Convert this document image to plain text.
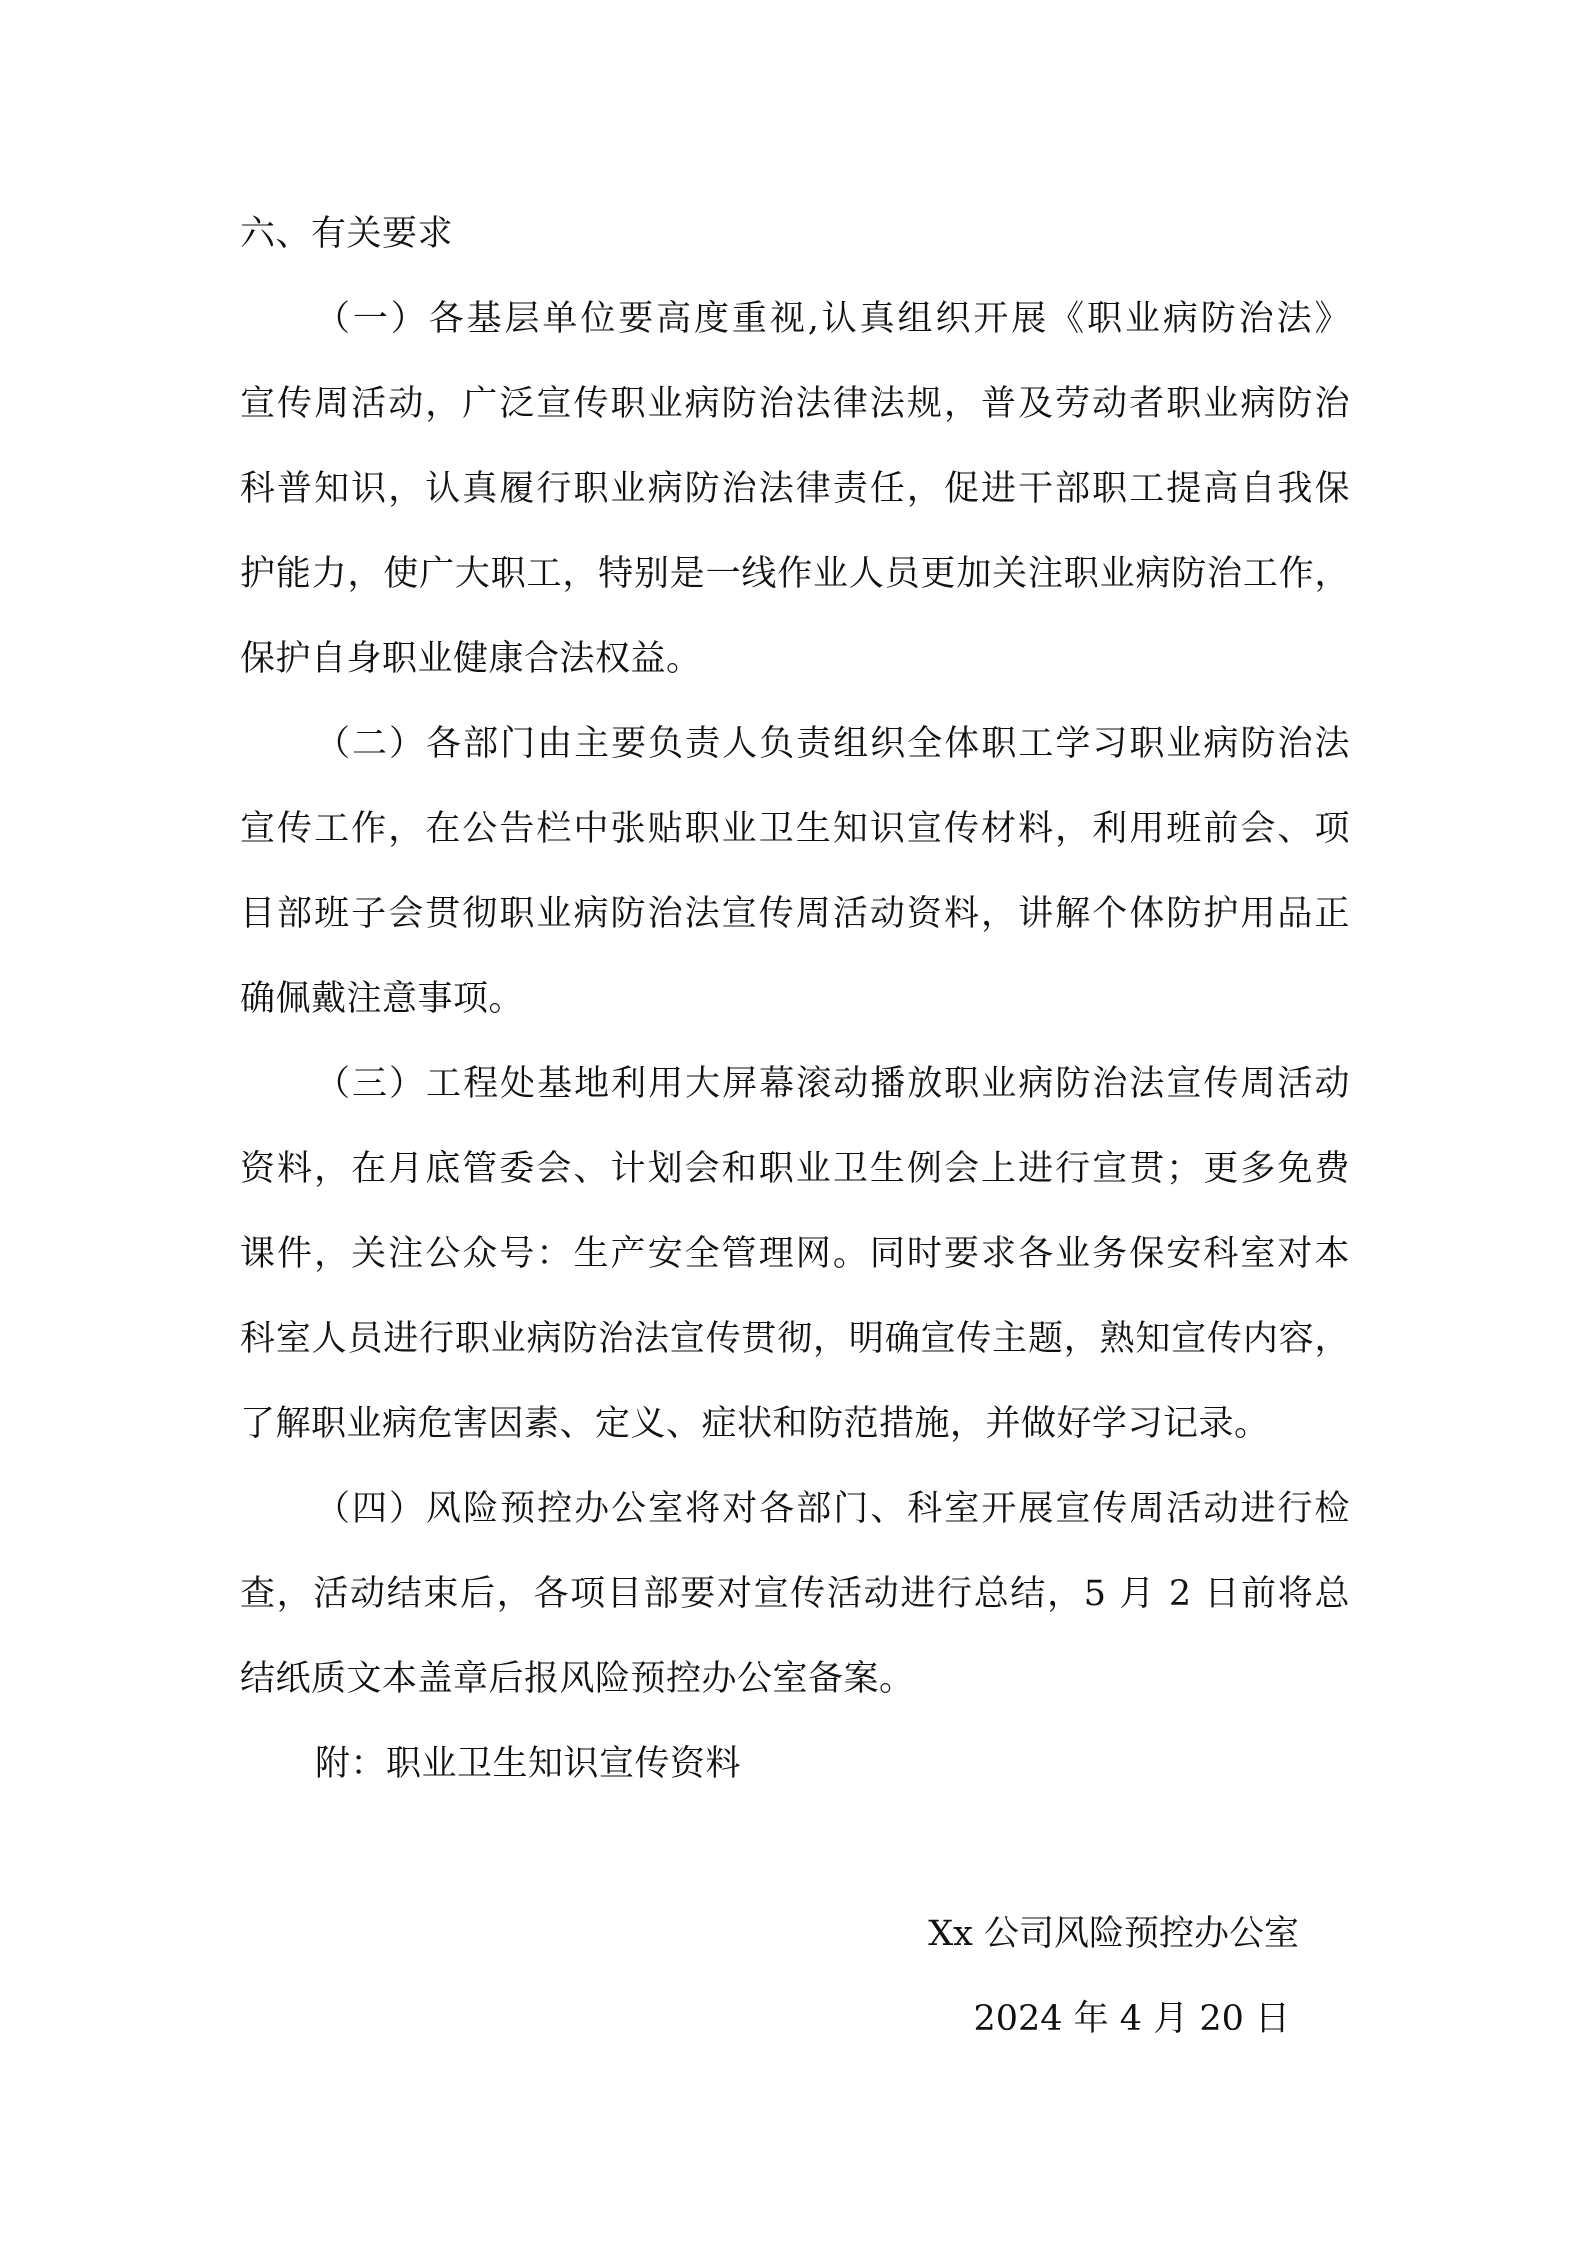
六、有关要求
（一）各基层单位要高度重视,认真组织开展《职业病防治法》
宣传周活动，广泛宣传职业病防治法律法规，普及劳动者职业病防治
科普知识，认真履行职业病防治法律责任，促进干部职工提高自我保
护能力，使广大职工，特别是一线作业人员更加关注职业病防治工作，
保护自身职业健康合法权益。
（二）各部门由主要负责人负责组织全体职工学习职业病防治法
宣传工作，在公告栏中张贴职业卫生知识宣传材料，利用班前会、项
目部班子会贯彻职业病防治法宣传周活动资料，讲解个体防护用品正
确佩戴注意事项。
（三）工程处基地利用大屏幕滚动播放职业病防治法宣传周活动
资料，在月底管委会、计划会和职业卫生例会上进行宣贯；更多免费
课件，关注公众号：生产安全管理网。同时要求各业务保安科室对本
科室人员进行职业病防治法宣传贯彻，明确宣传主题，熟知宣传内容，
了解职业病危害因素、定义、症状和防范措施，并做好学习记录。
（四）风险预控办公室将对各部门、科室开展宣传周活动进行检
查，活动结束后，各项目部要对宣传活动进行总结，5 月 2 日前将总
结纸质文本盖章后报风险预控办公室备案。
附：职业卫生知识宣传资料
Xx 公司风险预控办公室
2024 年 4 月 20 日
